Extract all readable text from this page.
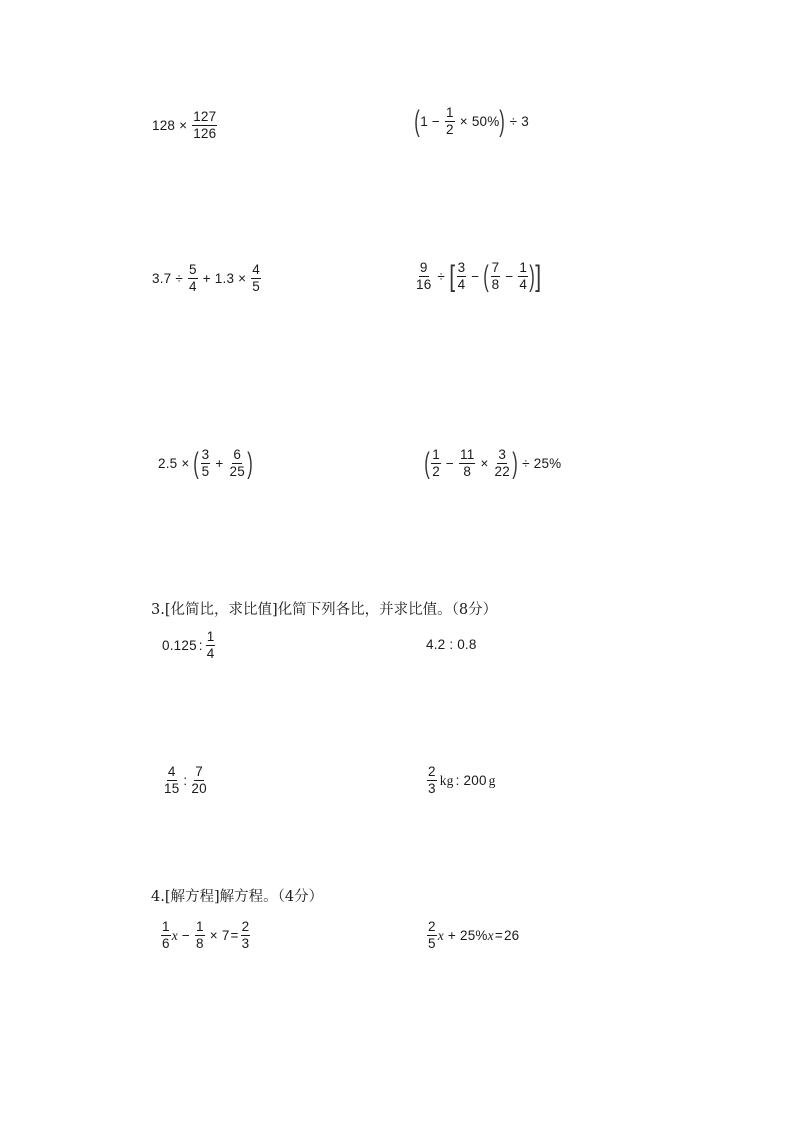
$128 \times \frac{127}{126}$	( $1 - \frac{1}{2} \times 50\%$ ) ÷ 3
$3.7 \div \frac{5}{4} + 1.3 \times \frac{4}{5}$	$\frac{9}{16}$ ÷ [ $\frac{3}{4}$ − ( $\frac{7}{8} - \frac{1}{4}$ ) ]
2.5 × ( $\frac{3}{5} + \frac{6}{25}$ )	( $\frac{1}{2} - \frac{11}{8} \times \frac{3}{22}$ ) ÷ 25%
3.[化简比，求比值]化简下列各比，并求比值。（8分）
0.125 : $\frac{1}{4}$	4.2 : 0.8
$\frac{4}{15}$ : $\frac{7}{20}$	$\frac{2}{3}$ kg : 200 g
4.[解方程]解方程。（4分）
$\frac{1}{6}$ $x - \frac{1}{8} \times 7 = \frac{2}{3}$	$\frac{2}{5}$ x + 25% x = 26
